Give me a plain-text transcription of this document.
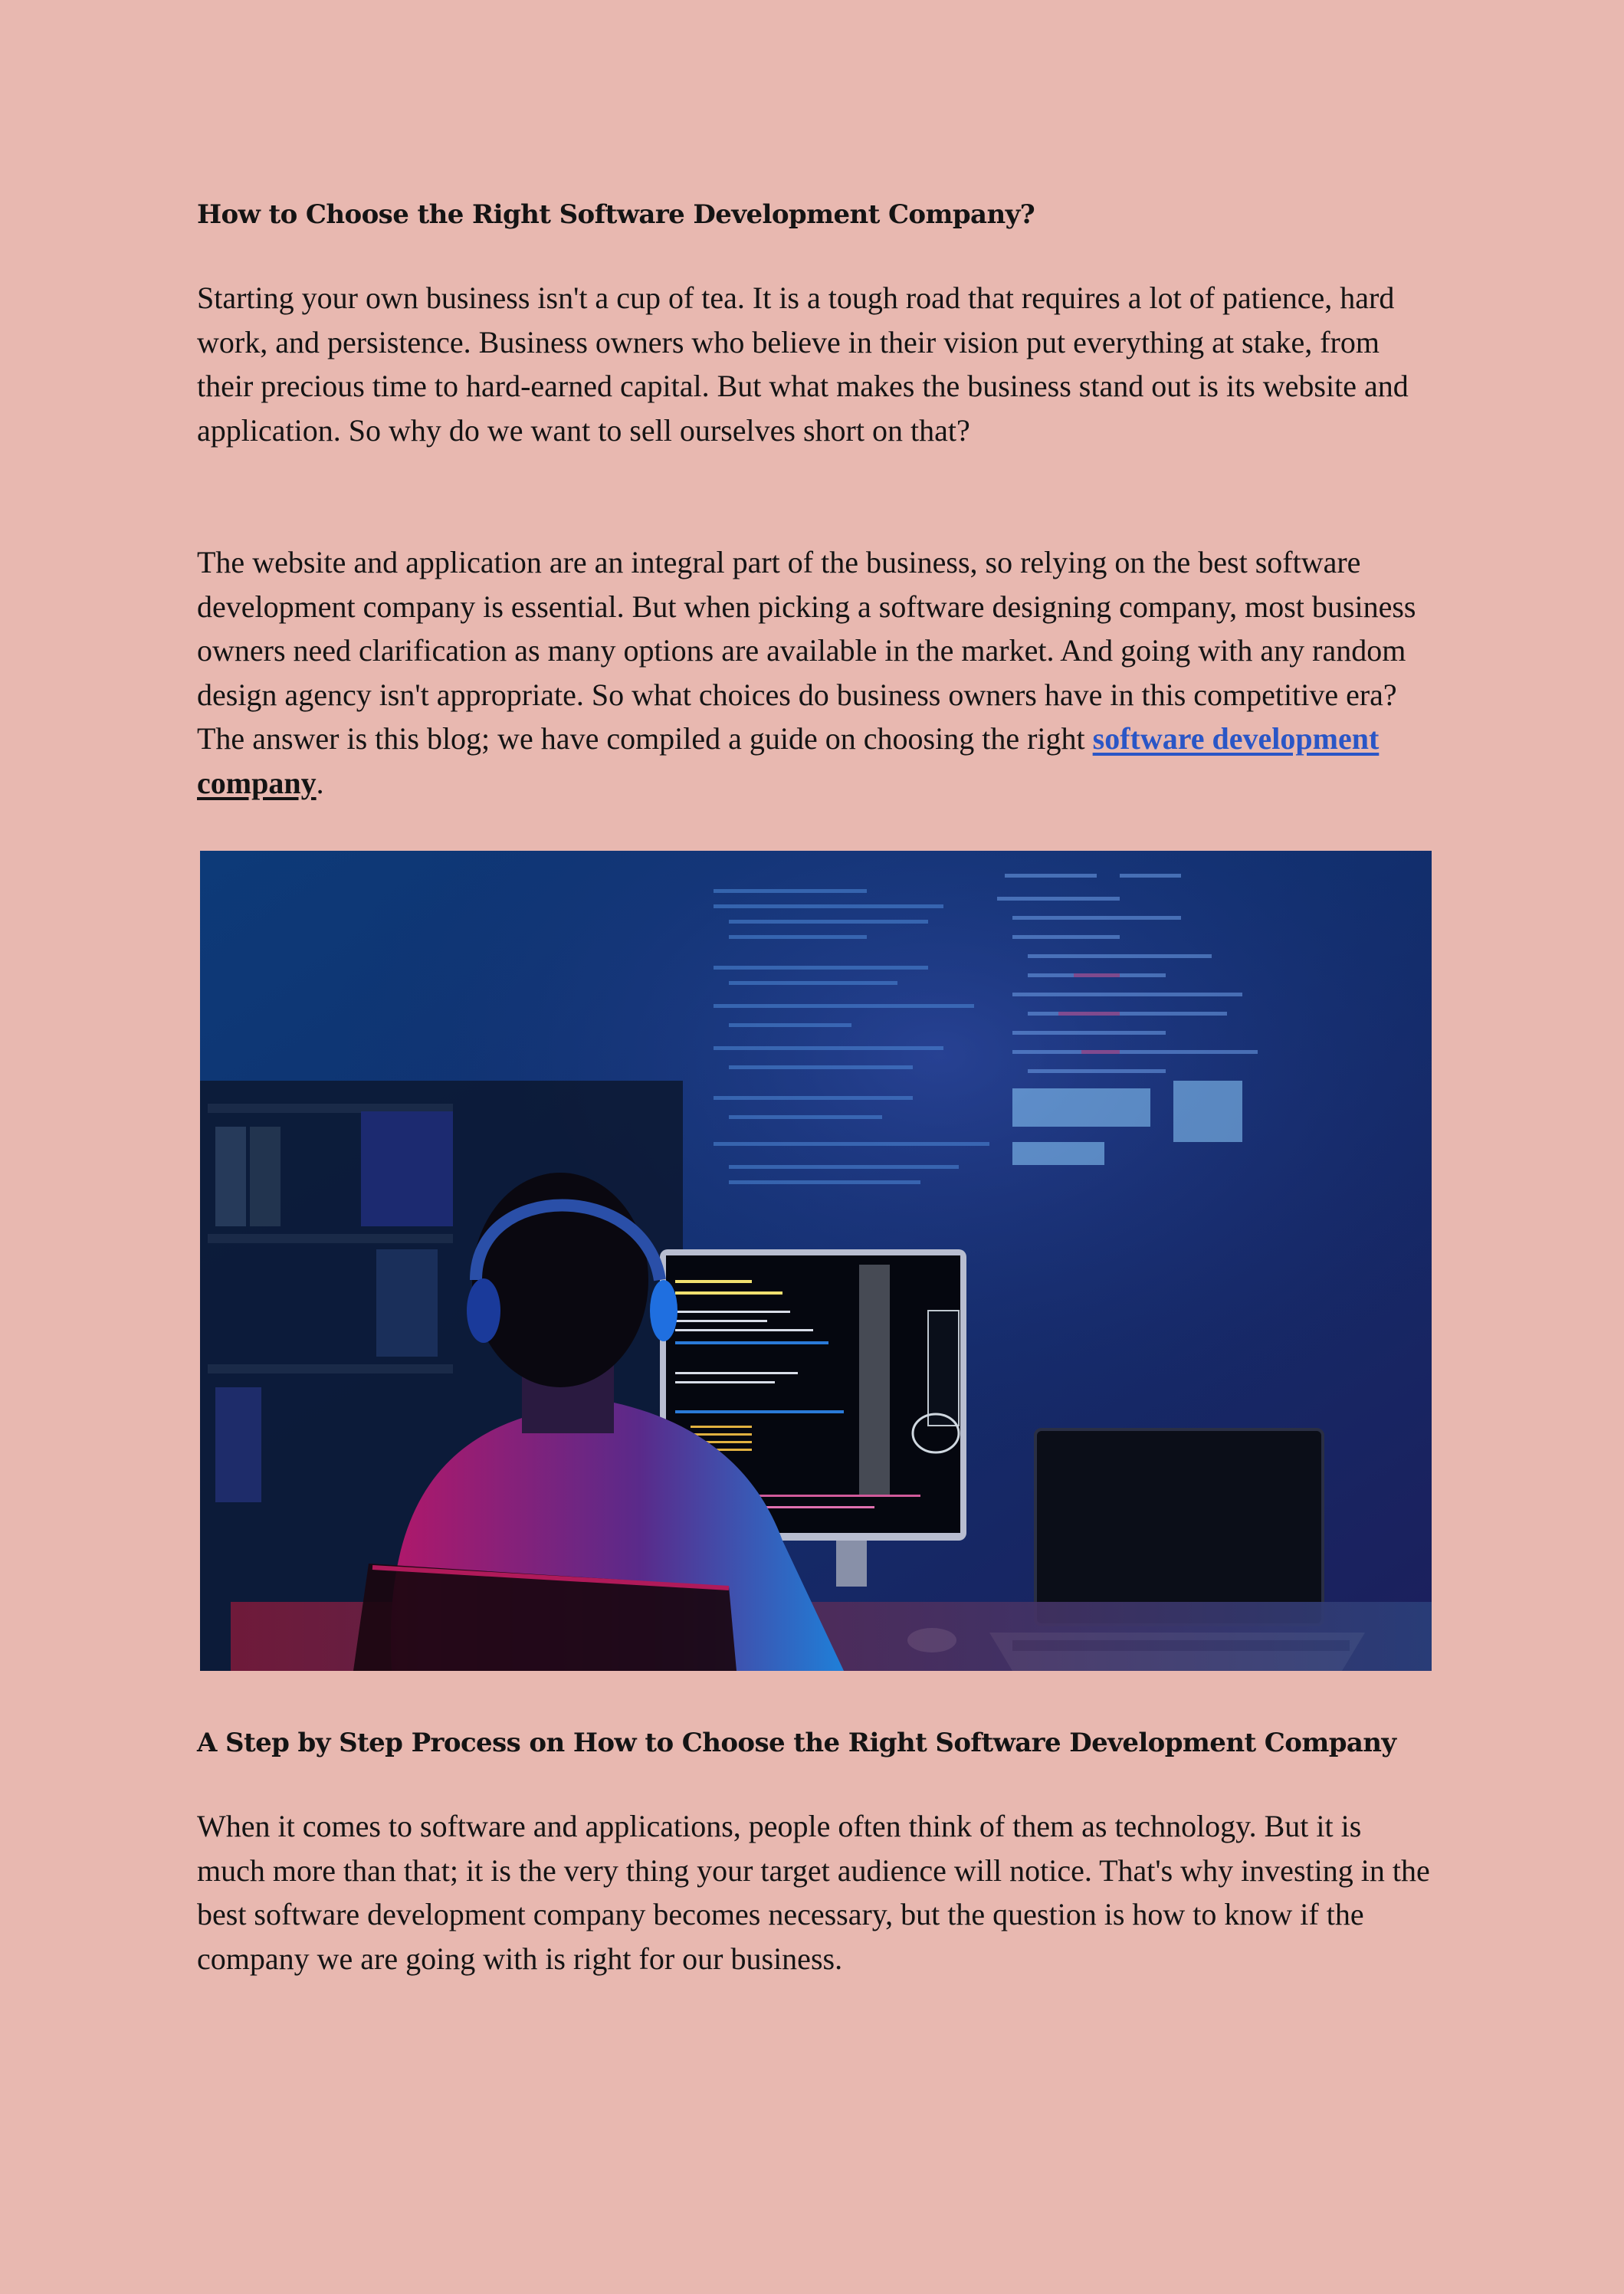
How to Choose the Right Software Development Company?

Starting your own business isn't a cup of tea. It is a tough road that requires a lot of patience, hard work, and persistence. Business owners who believe in their vision put everything at stake, from their precious time to hard-earned capital. But what makes the business stand out is its website and application. So why do we want to sell ourselves short on that?

The website and application are an integral part of the business, so relying on the best software development company is essential. But when picking a software designing company, most business owners need clarification as many options are available in the market. And going with any random design agency isn't appropriate. So what choices do business owners have in this competitive era? The answer is this blog; we have compiled a guide on choosing the right software development company.

A Step by Step Process on How to Choose the Right Software Development Company

When it comes to software and applications, people often think of them as technology. But it is much more than that; it is the very thing your target audience will notice. That's why investing in the best software development company becomes necessary, but the question is how to know if the company we are going with is right for our business.
